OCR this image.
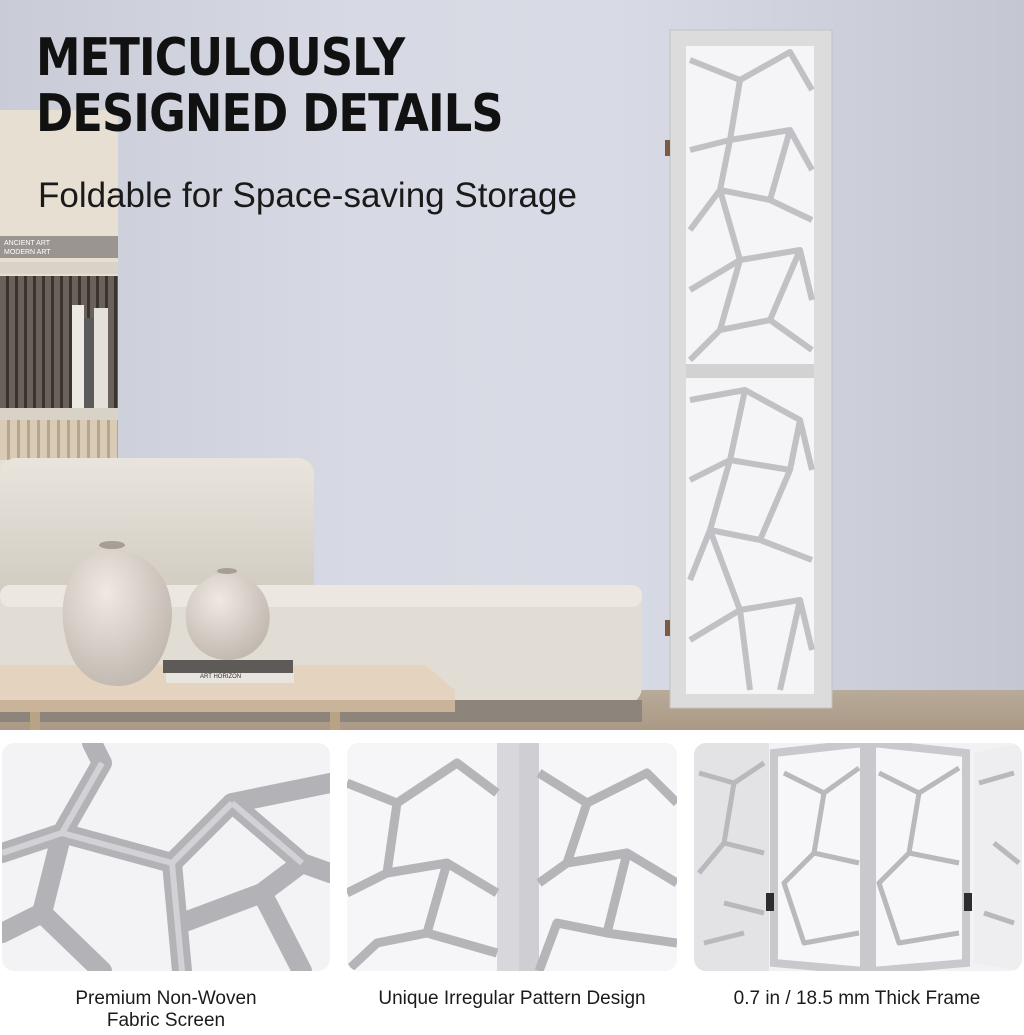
METICULOUSLY
DESIGNED DETAILS

Foldable for Space-saving Storage

ANCIENT ART
MODERN ART
ART HORIZON
Premium Non-Woven
Fabric Screen
Unique Irregular Pattern Design	0.7 in / 18.5 mm Thick Frame
